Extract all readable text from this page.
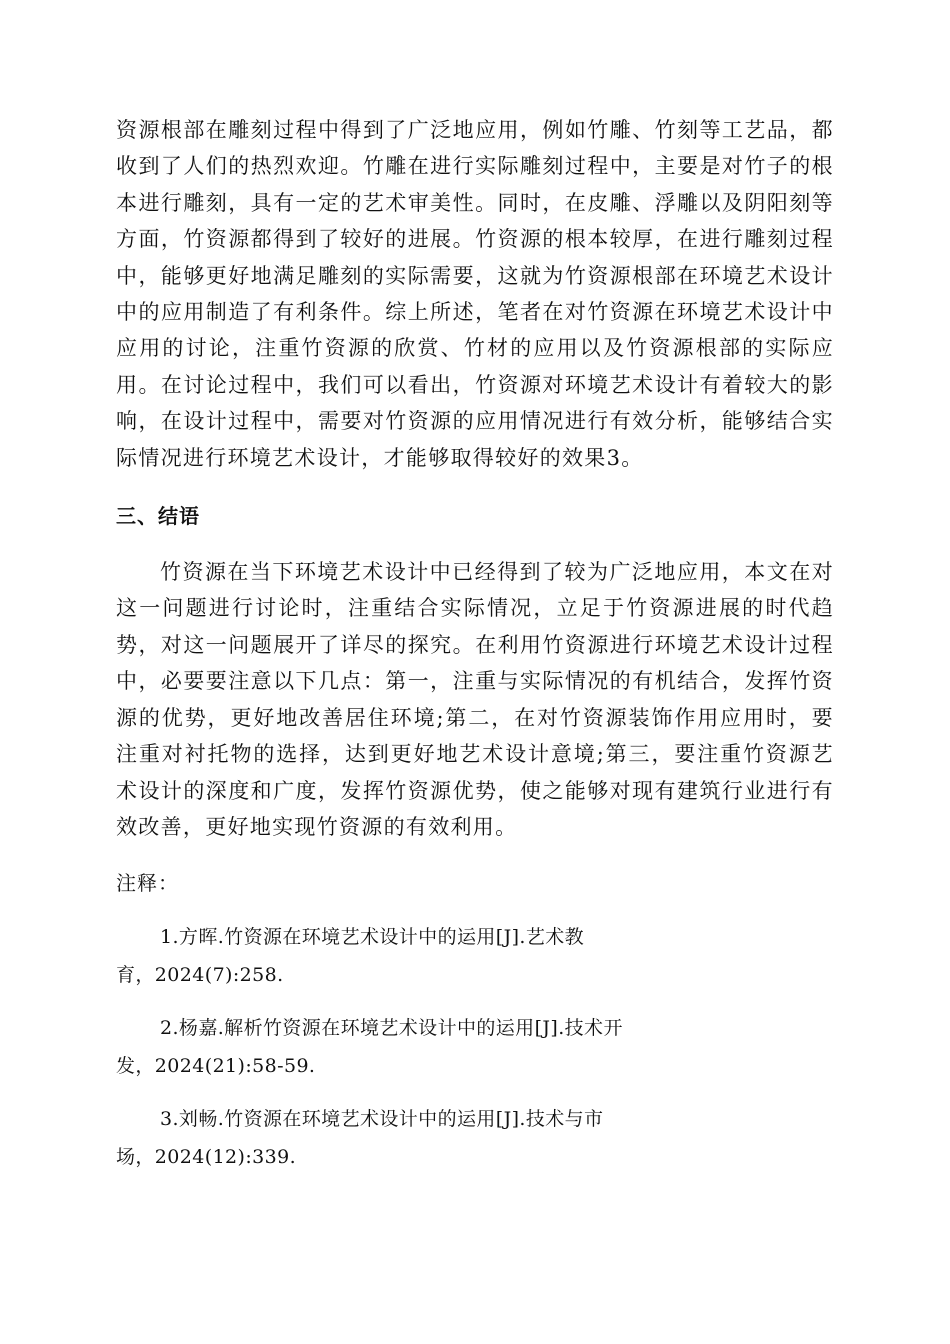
资源根部在雕刻过程中得到了广泛地应用，例如竹雕、竹刻等工艺品，都收到了人们的热烈欢迎。竹雕在进行实际雕刻过程中，主要是对竹子的根本进行雕刻，具有一定的艺术审美性。同时，在皮雕、浮雕以及阴阳刻等方面，竹资源都得到了较好的进展。竹资源的根本较厚，在进行雕刻过程中，能够更好地满足雕刻的实际需要，这就为竹资源根部在环境艺术设计中的应用制造了有利条件。综上所述，笔者在对竹资源在环境艺术设计中应用的讨论，注重竹资源的欣赏、竹材的应用以及竹资源根部的实际应用。在讨论过程中，我们可以看出，竹资源对环境艺术设计有着较大的影响，在设计过程中，需要对竹资源的应用情况进行有效分析，能够结合实际情况进行环境艺术设计，才能够取得较好的效果3。

三、结语

竹资源在当下环境艺术设计中已经得到了较为广泛地应用，本文在对这一问题进行讨论时，注重结合实际情况，立足于竹资源进展的时代趋势，对这一问题展开了详尽的探究。在利用竹资源进行环境艺术设计过程中，必要要注意以下几点：第一，注重与实际情况的有机结合，发挥竹资源的优势，更好地改善居住环境;第二，在对竹资源装饰作用应用时，要注重对衬托物的选择，达到更好地艺术设计意境;第三，要注重竹资源艺术设计的深度和广度，发挥竹资源优势，使之能够对现有建筑行业进行有效改善，更好地实现竹资源的有效利用。

注释：

1.方晖.竹资源在环境艺术设计中的运用[J].艺术教
育，2024(7):258.
2.杨嘉.解析竹资源在环境艺术设计中的运用[J].技术开
发，2024(21):58-59.
3.刘畅.竹资源在环境艺术设计中的运用[J].技术与市
场，2024(12):339.
